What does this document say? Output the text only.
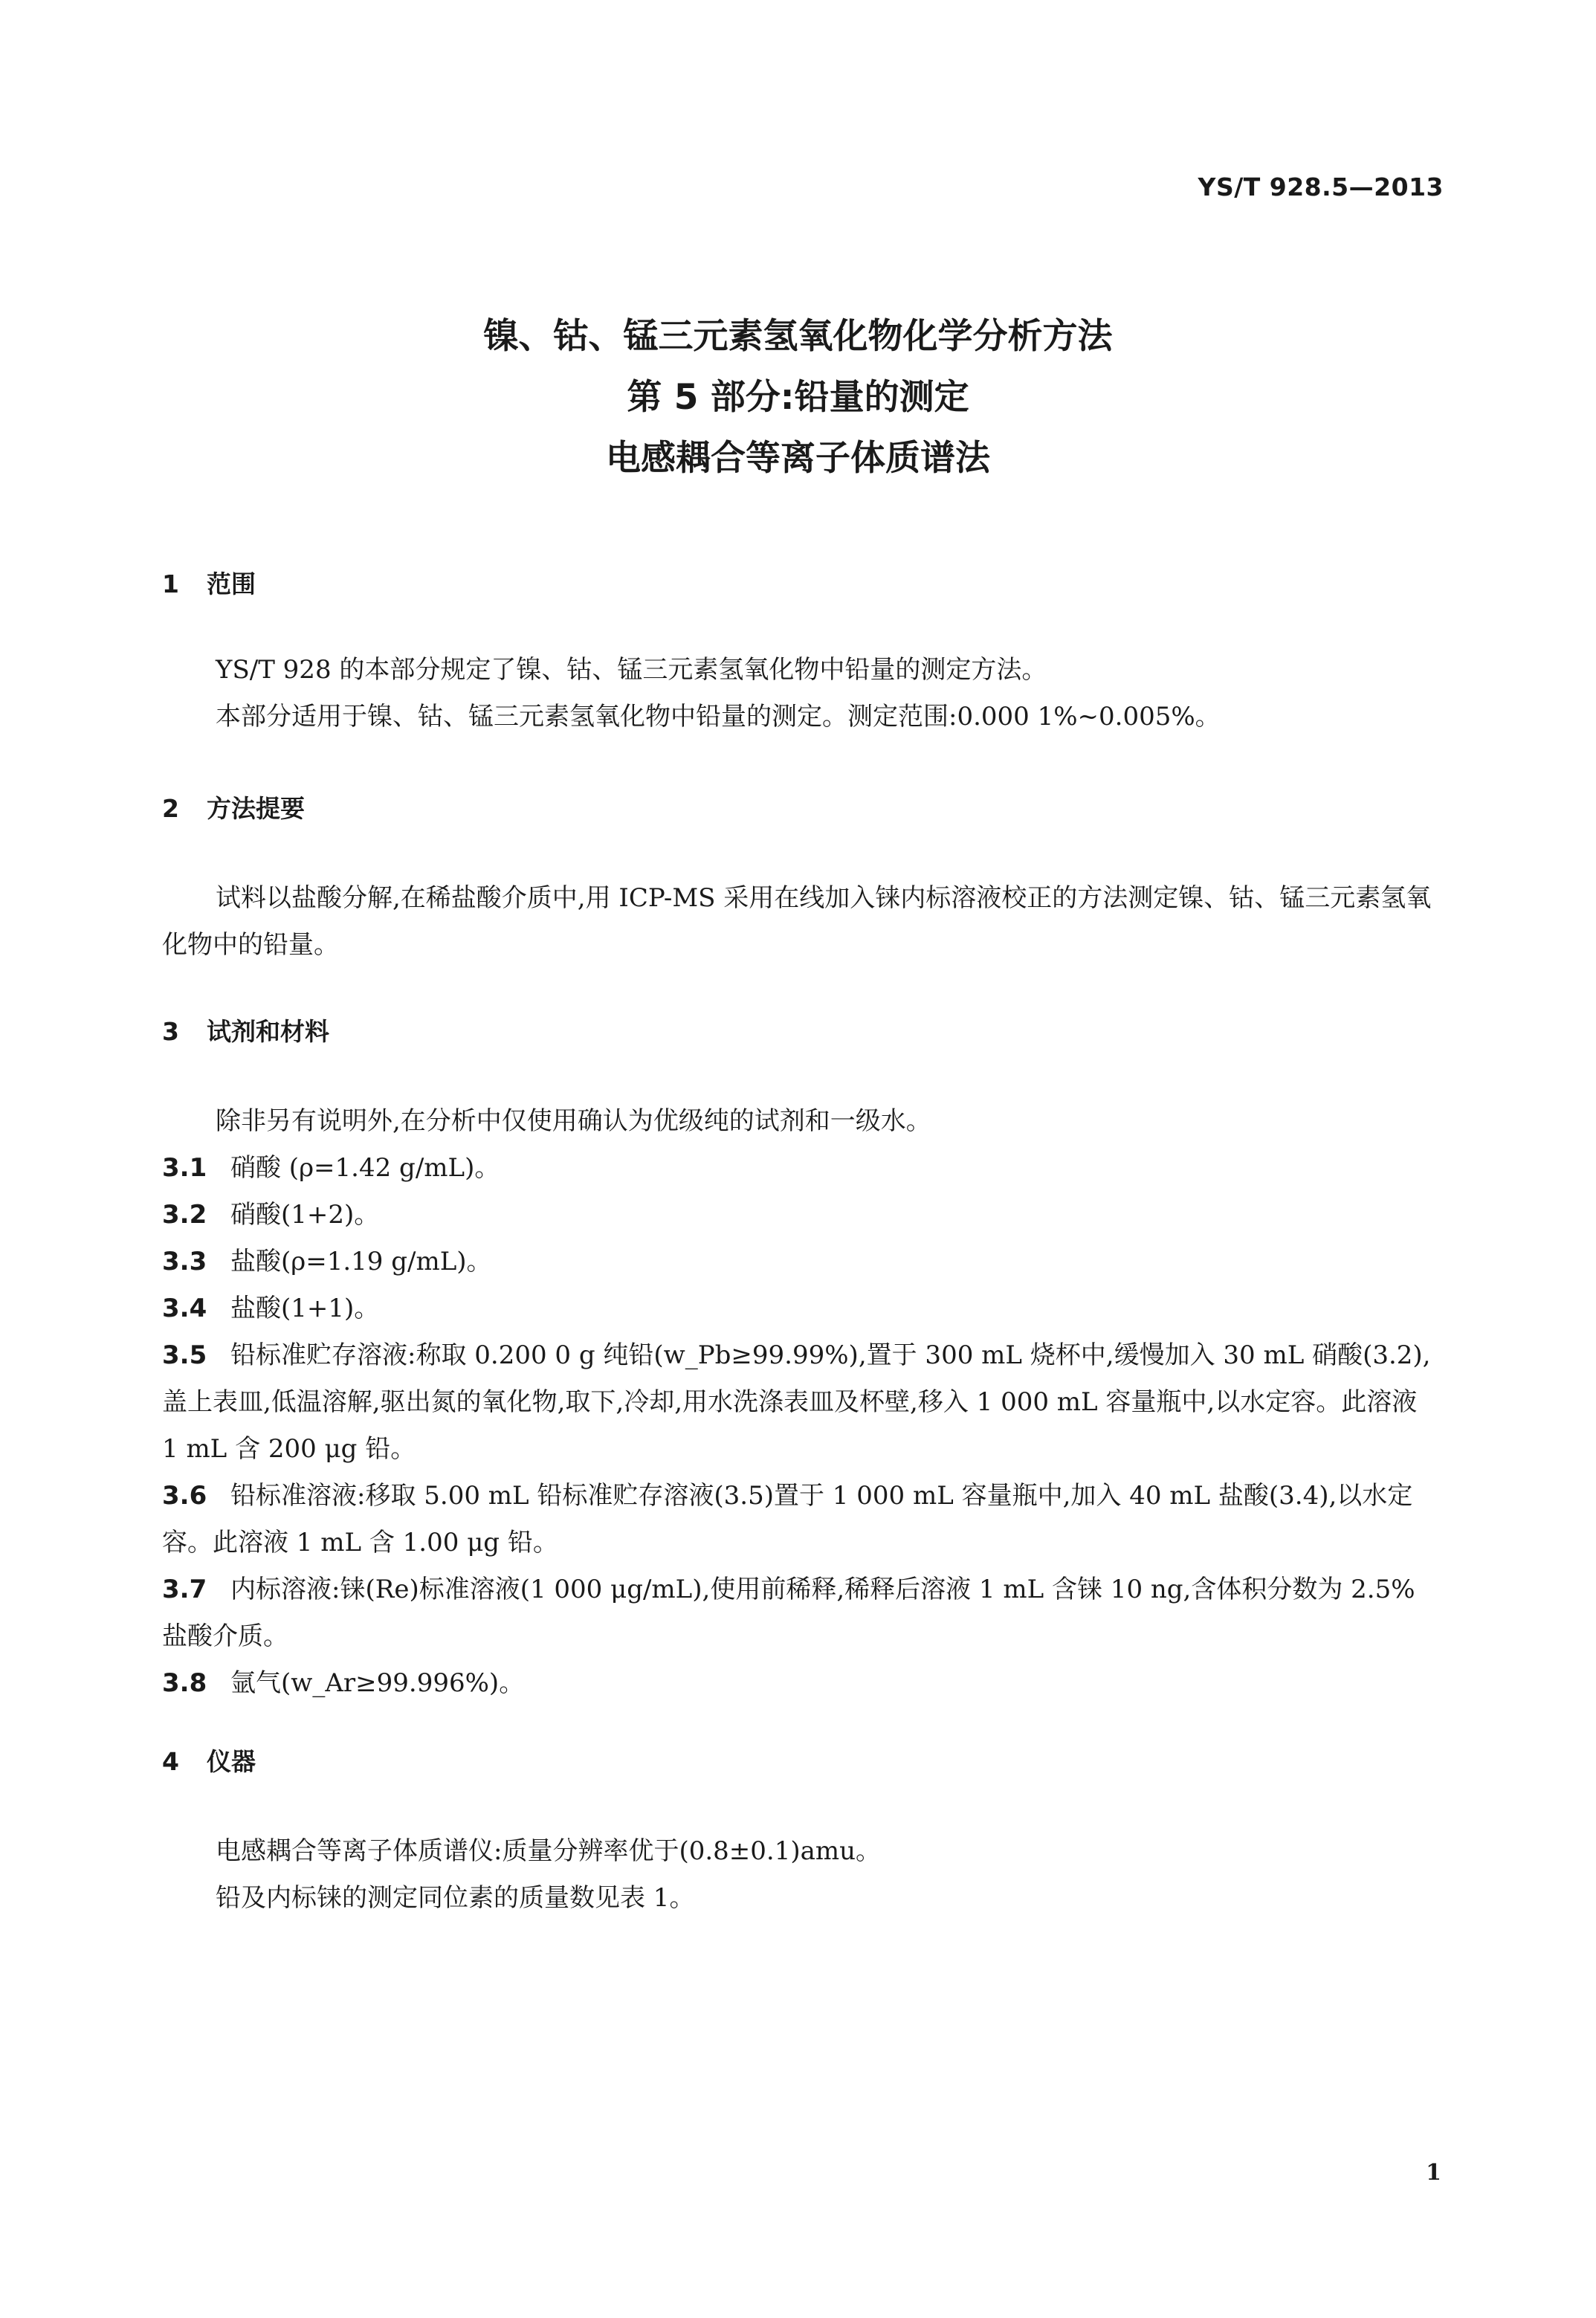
YS/T 928.5—2013
镍、钴、锰三元素氢氧化物化学分析方法
第 5 部分:铅量的测定
电感耦合等离子体质谱法
1 范围
YS/T 928 的本部分规定了镍、钴、锰三元素氢氧化物中铅量的测定方法。
本部分适用于镍、钴、锰三元素氢氧化物中铅量的测定。测定范围:0.000 1%~0.005%。
2 方法提要
试料以盐酸分解,在稀盐酸介质中,用 ICP-MS 采用在线加入铼内标溶液校正的方法测定镍、钴、锰三元素氢氧化物中的铅量。
3 试剂和材料
除非另有说明外,在分析中仅使用确认为优级纯的试剂和一级水。
3.1 硝酸 (ρ=1.42 g/mL)。
3.2 硝酸(1+2)。
3.3 盐酸(ρ=1.19 g/mL)。
3.4 盐酸(1+1)。
3.5 铅标准贮存溶液:称取 0.200 0 g 纯铅(w_Pb≥99.99%),置于 300 mL 烧杯中,缓慢加入 30 mL 硝酸(3.2),盖上表皿,低温溶解,驱出氮的氧化物,取下,冷却,用水洗涤表皿及杯壁,移入 1 000 mL 容量瓶中,以水定容。此溶液 1 mL 含 200 μg 铅。
3.6 铅标准溶液:移取 5.00 mL 铅标准贮存溶液(3.5)置于 1 000 mL 容量瓶中,加入 40 mL 盐酸(3.4),以水定容。此溶液 1 mL 含 1.00 μg 铅。
3.7 内标溶液:铼(Re)标准溶液(1 000 μg/mL),使用前稀释,稀释后溶液 1 mL 含铼 10 ng,含体积分数为 2.5%盐酸介质。
3.8 氩气(w_Ar≥99.996%)。
4 仪器
电感耦合等离子体质谱仪:质量分辨率优于(0.8±0.1)amu。
铅及内标铼的测定同位素的质量数见表 1。
1
